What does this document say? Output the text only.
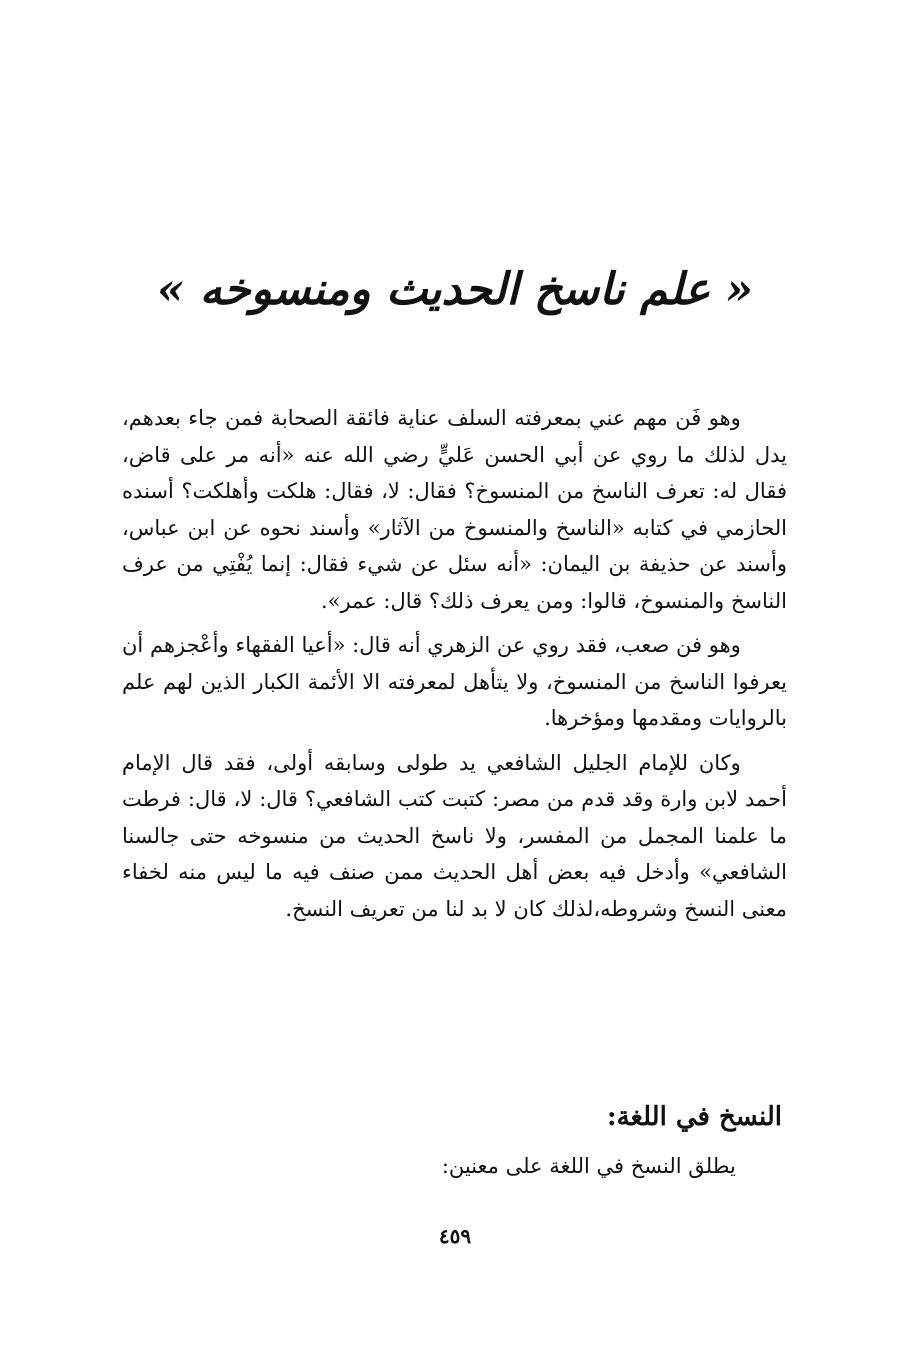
« علم ناسخ الحديث ومنسوخه »

وهو فَن مهم عني بمعرفته السلف عناية فائقة الصحابة فمن جاء بعدهم، يدل لذلك ما روي عن أبي الحسن عَليٍّ رضي الله عنه «أنه مر على قاض، فقال له: تعرف الناسخ من المنسوخ؟ فقال: لا، فقال: هلكت وأهلكت؟ أسنده الحازمي في كتابه «الناسخ والمنسوخ من الآثار» وأسند نحوه عن ابن عباس، وأسند عن حذيفة بن اليمان: «أنه سئل عن شيء فقال: إنما يُفْتِي من عرف الناسخ والمنسوخ، قالوا: ومن يعرف ذلك؟ قال: عمر».

وهو فن صعب، فقد روي عن الزهري أنه قال: «أعيا الفقهاء وأعْجزهم أن يعرفوا الناسخ من المنسوخ، ولا يتأهل لمعرفته الا الأئمة الكبار الذين لهم علم بالروايات ومقدمها ومؤخرها.

وكان للإمام الجليل الشافعي يد طولى وسابقه أولى، فقد قال الإمام أحمد لابن وارة وقد قدم من مصر: كتبت كتب الشافعي؟ قال: لا، قال: فرطت ما علمنا المجمل من المفسر، ولا ناسخ الحديث من منسوخه حتى جالسنا الشافعي» وأدخل فيه بعض أهل الحديث ممن صنف فيه ما ليس منه لخفاء معنى النسخ وشروطه،لذلك كان لا بد لنا من تعريف النسخ.

النسخ في اللغة:
يطلق النسخ في اللغة على معنين:
٤٥٩
